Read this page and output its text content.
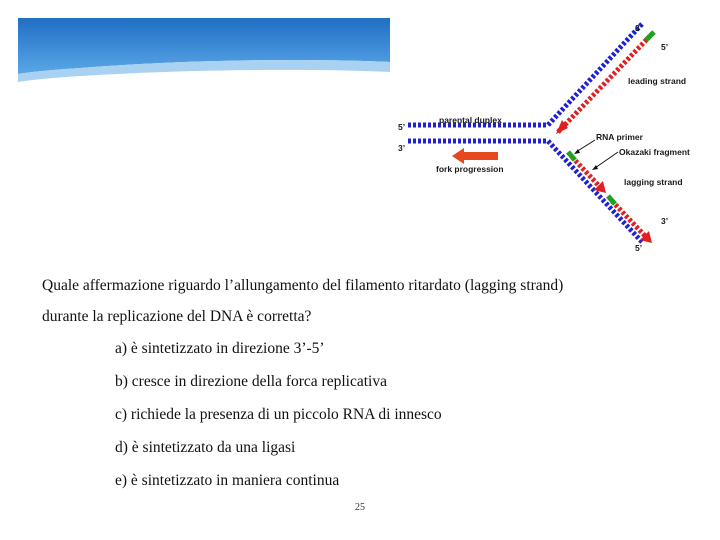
3’
5’
leading strand
parental duplex
5’
3’
RNA primer
Okazaki fragment
fork progression
lagging strand
3’
5’
Quale affermazione riguardo l’allungamento del filamento ritardato (lagging strand)
durante la replicazione del DNA è corretta?
a) è sintetizzato in direzione 3’-5’
b) cresce in direzione della forca replicativa
c) richiede la presenza di un piccolo RNA di innesco
d) è sintetizzato da una ligasi
e) è sintetizzato in maniera continua
25
